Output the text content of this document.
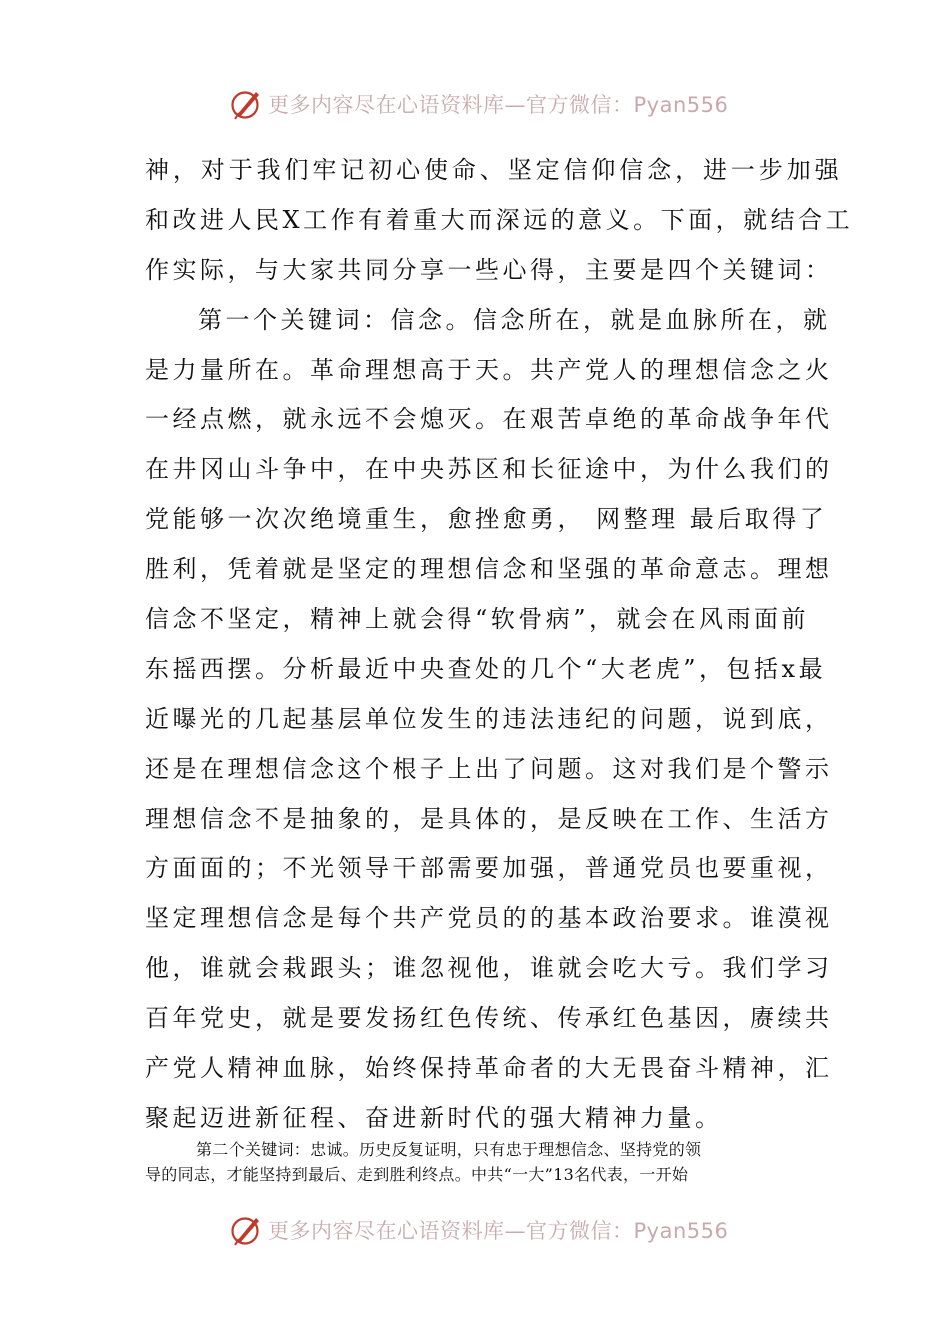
更多内容尽在心语资料库—官方微信：Pyan556

神，对于我们牢记初心使命、坚定信仰信念，进一步加强

和改进人民X工作有着重大而深远的意义。下面，就结合工

作实际，与大家共同分享一些心得，主要是四个关键词：

第一个关键词：信念。信念所在，就是血脉所在，就

是力量所在。革命理想高于天。共产党人的理想信念之火

一经点燃，就永远不会熄灭。在艰苦卓绝的革命战争年代

在井冈山斗争中，在中央苏区和长征途中，为什么我们的

党能够一次次绝境重生，愈挫愈勇， 网整理 最后取得了

胜利，凭着就是坚定的理想信念和坚强的革命意志。理想

信念不坚定，精神上就会得“软骨病”，就会在风雨面前

东摇西摆。分析最近中央查处的几个“大老虎”，包括x最

近曝光的几起基层单位发生的违法违纪的问题，说到底，

还是在理想信念这个根子上出了问题。这对我们是个警示

理想信念不是抽象的，是具体的，是反映在工作、生活方

方面面的；不光领导干部需要加强，普通党员也要重视，

坚定理想信念是每个共产党员的的基本政治要求。谁漠视

他，谁就会栽跟头；谁忽视他，谁就会吃大亏。我们学习

百年党史，就是要发扬红色传统、传承红色基因，赓续共

产党人精神血脉，始终保持革命者的大无畏奋斗精神，汇

聚起迈进新征程、奋进新时代的强大精神力量。

第二个关键词：忠诚。历史反复证明，只有忠于理想信念、坚持党的领

导的同志，才能坚持到最后、走到胜利终点。中共“一大”13名代表，一开始

更多内容尽在心语资料库—官方微信：Pyan556
